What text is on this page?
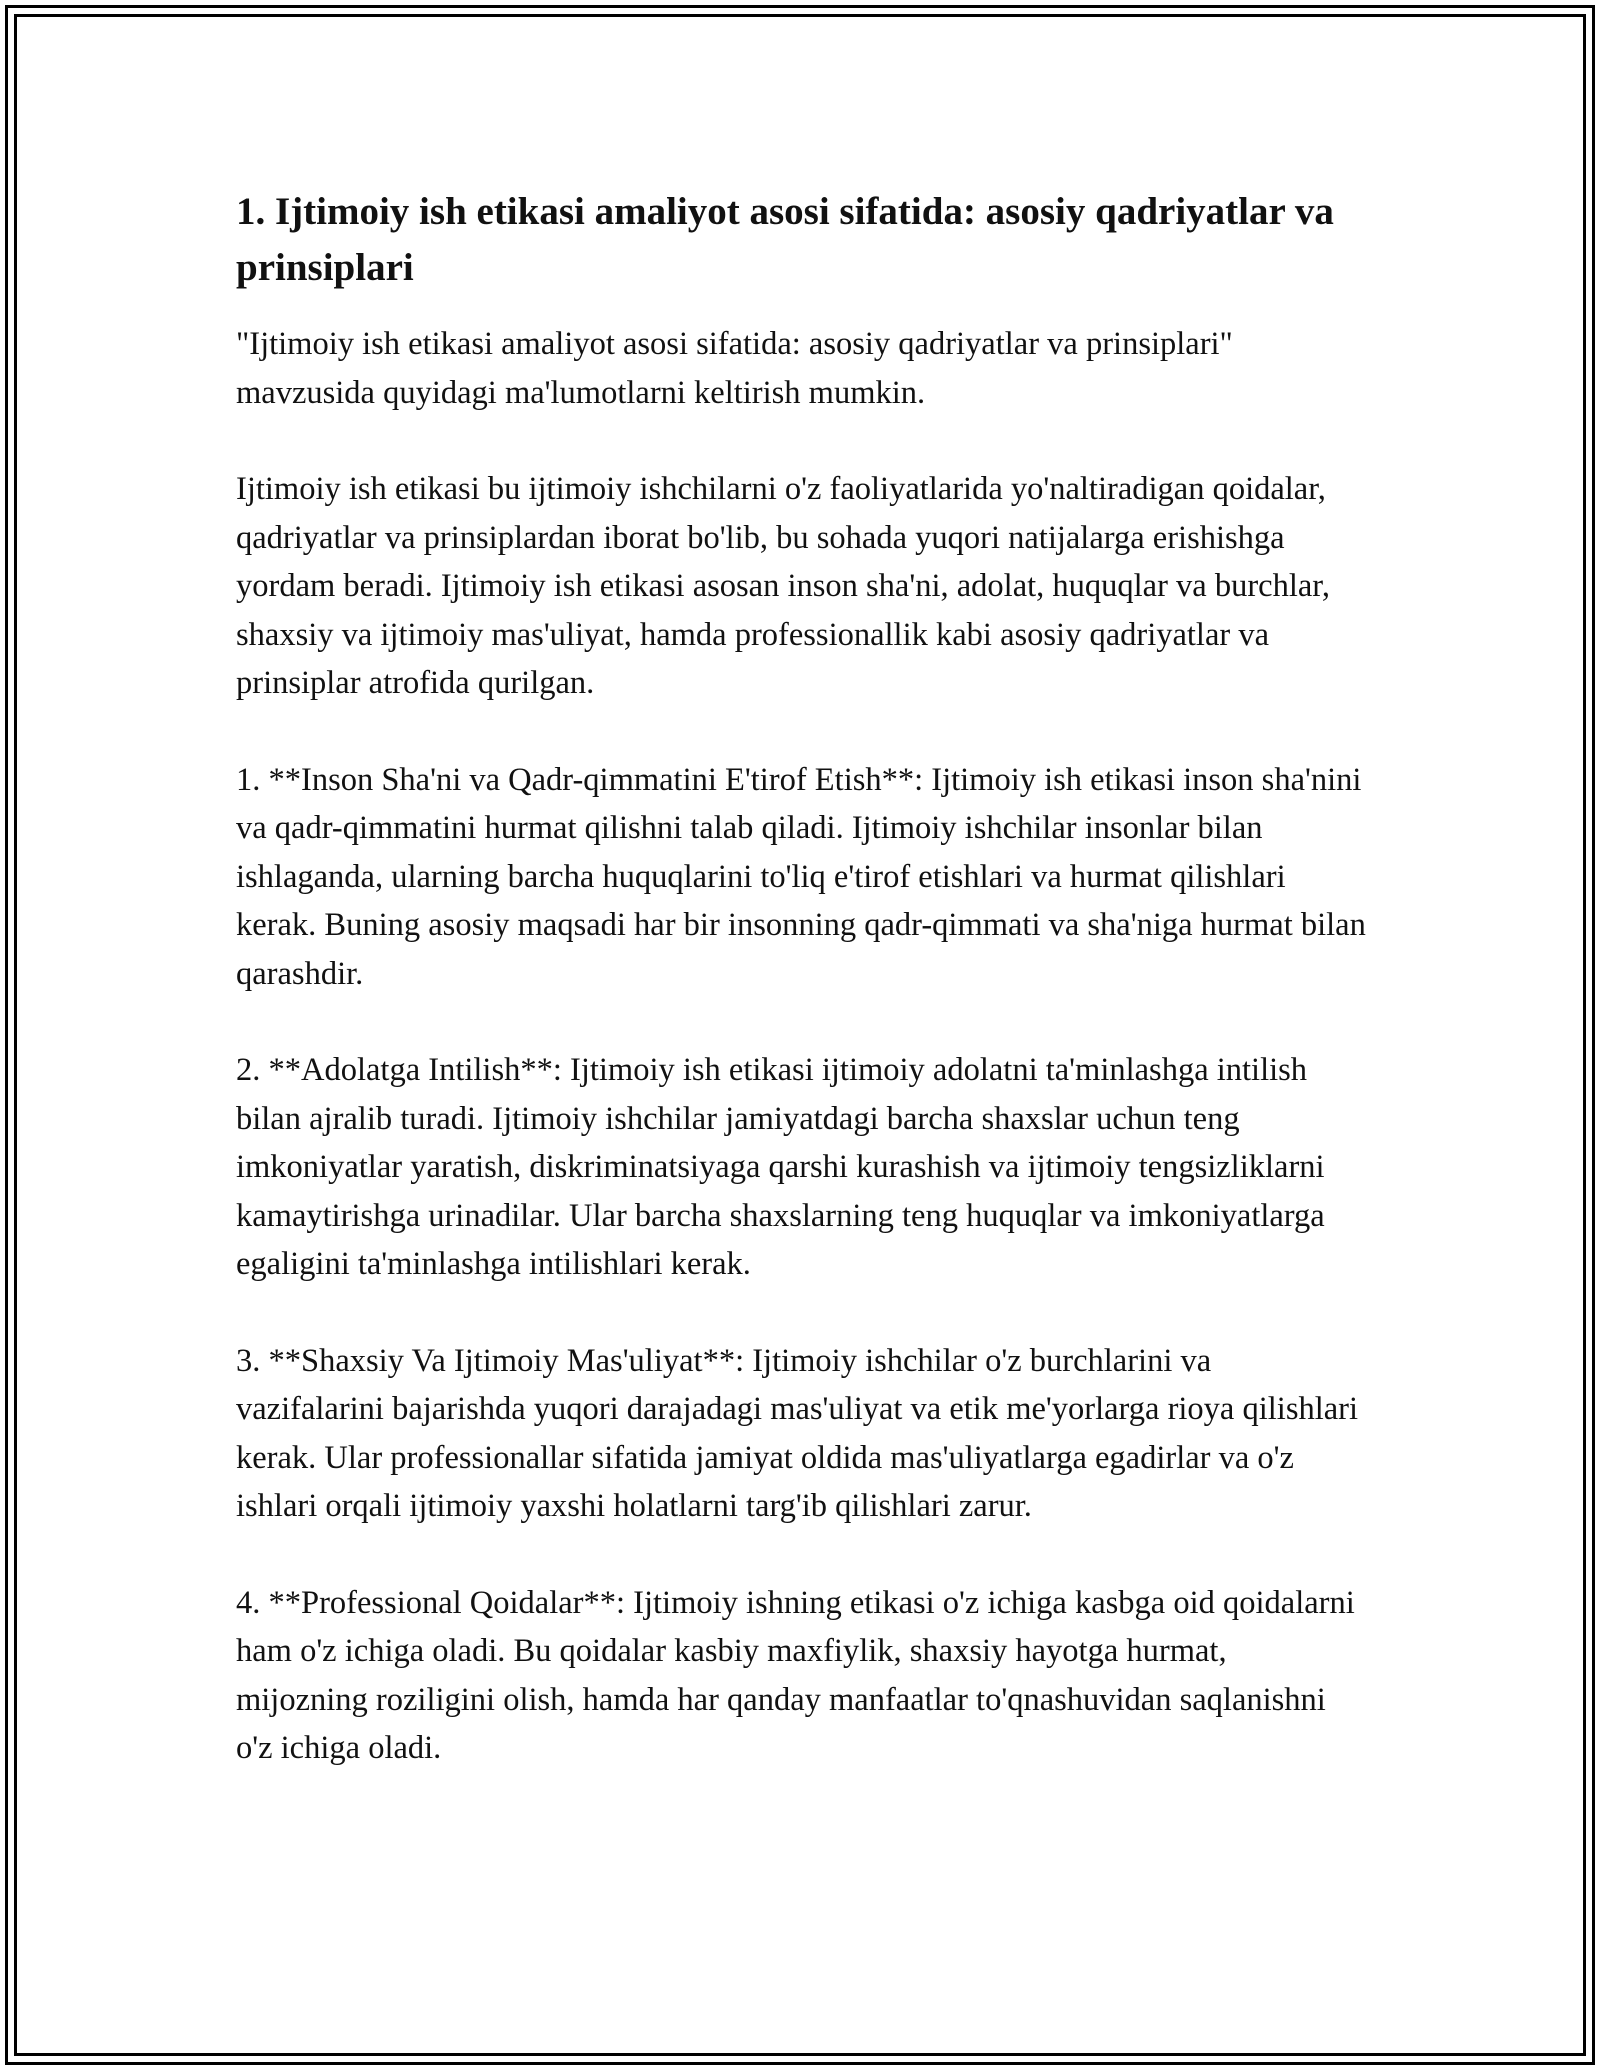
1. Ijtimoiy ish etikasi amaliyot asosi sifatida: asosiy qadriyatlar va prinsiplari

"Ijtimoiy ish etikasi amaliyot asosi sifatida: asosiy qadriyatlar va prinsiplari" mavzusida quyidagi ma'lumotlarni keltirish mumkin.

Ijtimoiy ish etikasi bu ijtimoiy ishchilarni o'z faoliyatlarida yo'naltiradigan qoidalar, qadriyatlar va prinsiplardan iborat bo'lib, bu sohada yuqori natijalarga erishishga yordam beradi. Ijtimoiy ish etikasi asosan inson sha'ni, adolat, huquqlar va burchlar, shaxsiy va ijtimoiy mas'uliyat, hamda professionallik kabi asosiy qadriyatlar va prinsiplar atrofida qurilgan.

1. **Inson Sha'ni va Qadr-qimmatini E'tirof Etish**: Ijtimoiy ish etikasi inson sha'nini va qadr-qimmatini hurmat qilishni talab qiladi. Ijtimoiy ishchilar insonlar bilan ishlaganda, ularning barcha huquqlarini to'liq e'tirof etishlari va hurmat qilishlari kerak. Buning asosiy maqsadi har bir insonning qadr-qimmati va sha'niga hurmat bilan qarashdir.

2. **Adolatga Intilish**: Ijtimoiy ish etikasi ijtimoiy adolatni ta'minlashga intilish bilan ajralib turadi. Ijtimoiy ishchilar jamiyatdagi barcha shaxslar uchun teng imkoniyatlar yaratish, diskriminatsiyaga qarshi kurashish va ijtimoiy tengsizliklarni kamaytirishga urinadilar. Ular barcha shaxslarning teng huquqlar va imkoniyatlarga egaligini ta'minlashga intilishlari kerak.

3. **Shaxsiy Va Ijtimoiy Mas'uliyat**: Ijtimoiy ishchilar o'z burchlarini va vazifalarini bajarishda yuqori darajadagi mas'uliyat va etik me'yorlarga rioya qilishlari kerak. Ular professionallar sifatida jamiyat oldida mas'uliyatlarga egadirlar va o'z ishlari orqali ijtimoiy yaxshi holatlarni targ'ib qilishlari zarur.

4. **Professional Qoidalar**: Ijtimoiy ishning etikasi o'z ichiga kasbga oid qoidalarni ham o'z ichiga oladi. Bu qoidalar kasbiy maxfiylik, shaxsiy hayotga hurmat, mijozning roziligini olish, hamda har qanday manfaatlar to'qnashuvidan saqlanishni o'z ichiga oladi.
